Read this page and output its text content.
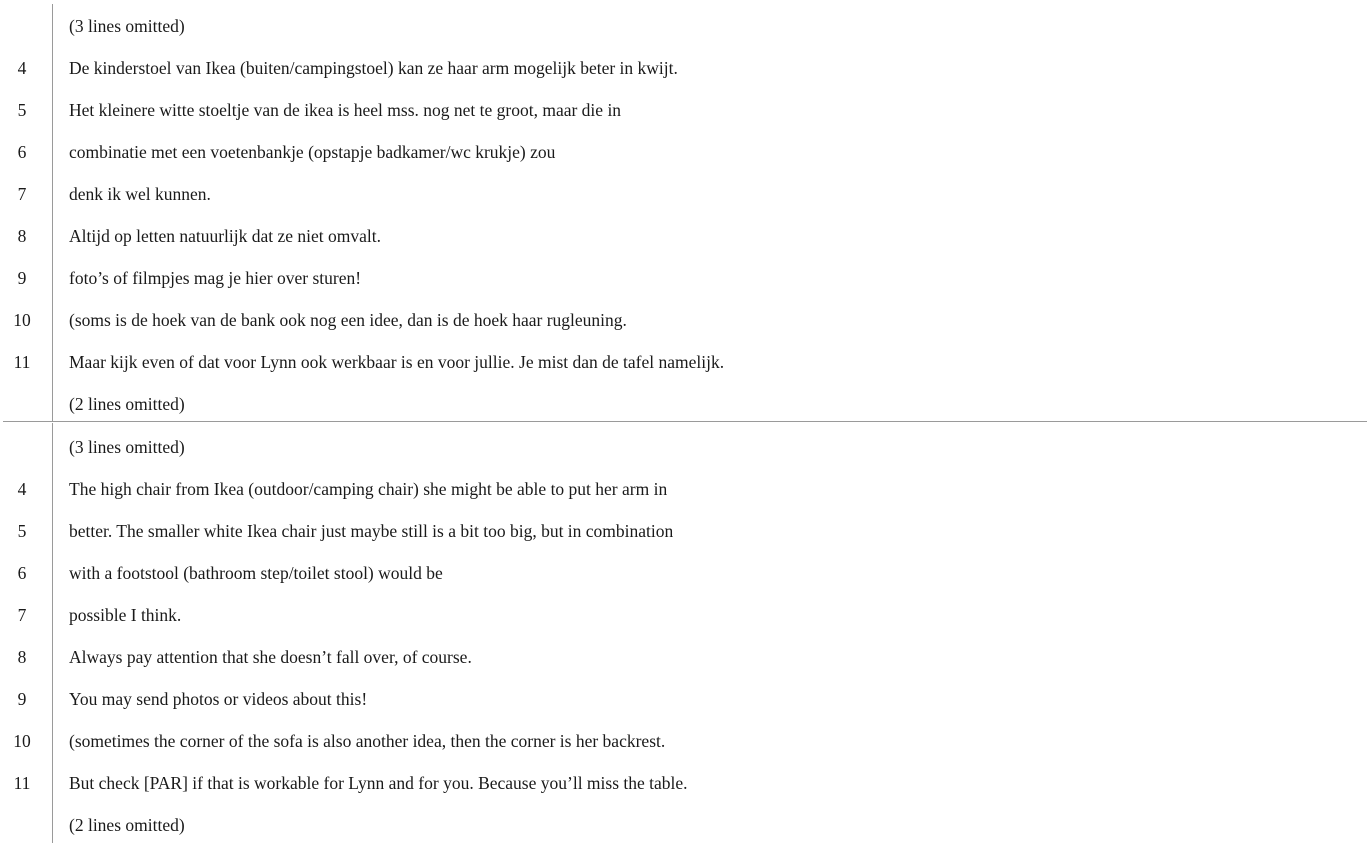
(3 lines omitted)
4	De kinderstoel van Ikea (buiten/campingstoel) kan ze haar arm mogelijk beter in kwijt.
5	Het kleinere witte stoeltje van de ikea is heel mss. nog net te groot, maar die in
6	combinatie met een voetenbankje (opstapje badkamer/wc krukje) zou
7	denk ik wel kunnen.
8	Altijd op letten natuurlijk dat ze niet omvalt.
9	foto’s of filmpjes mag je hier over sturen!
10	(soms is de hoek van de bank ook nog een idee, dan is de hoek haar rugleuning.
11	Maar kijk even of dat voor Lynn ook werkbaar is en voor jullie. Je mist dan de tafel namelijk.
(2 lines omitted)
(3 lines omitted)
4	The high chair from Ikea (outdoor/camping chair) she might be able to put her arm in
5	better. The smaller white Ikea chair just maybe still is a bit too big, but in combination
6	with a footstool (bathroom step/toilet stool) would be
7	possible I think.
8	Always pay attention that she doesn’t fall over, of course.
9	You may send photos or videos about this!
10	(sometimes the corner of the sofa is also another idea, then the corner is her backrest.
11	But check [PAR] if that is workable for Lynn and for you. Because you’ll miss the table.
(2 lines omitted)
